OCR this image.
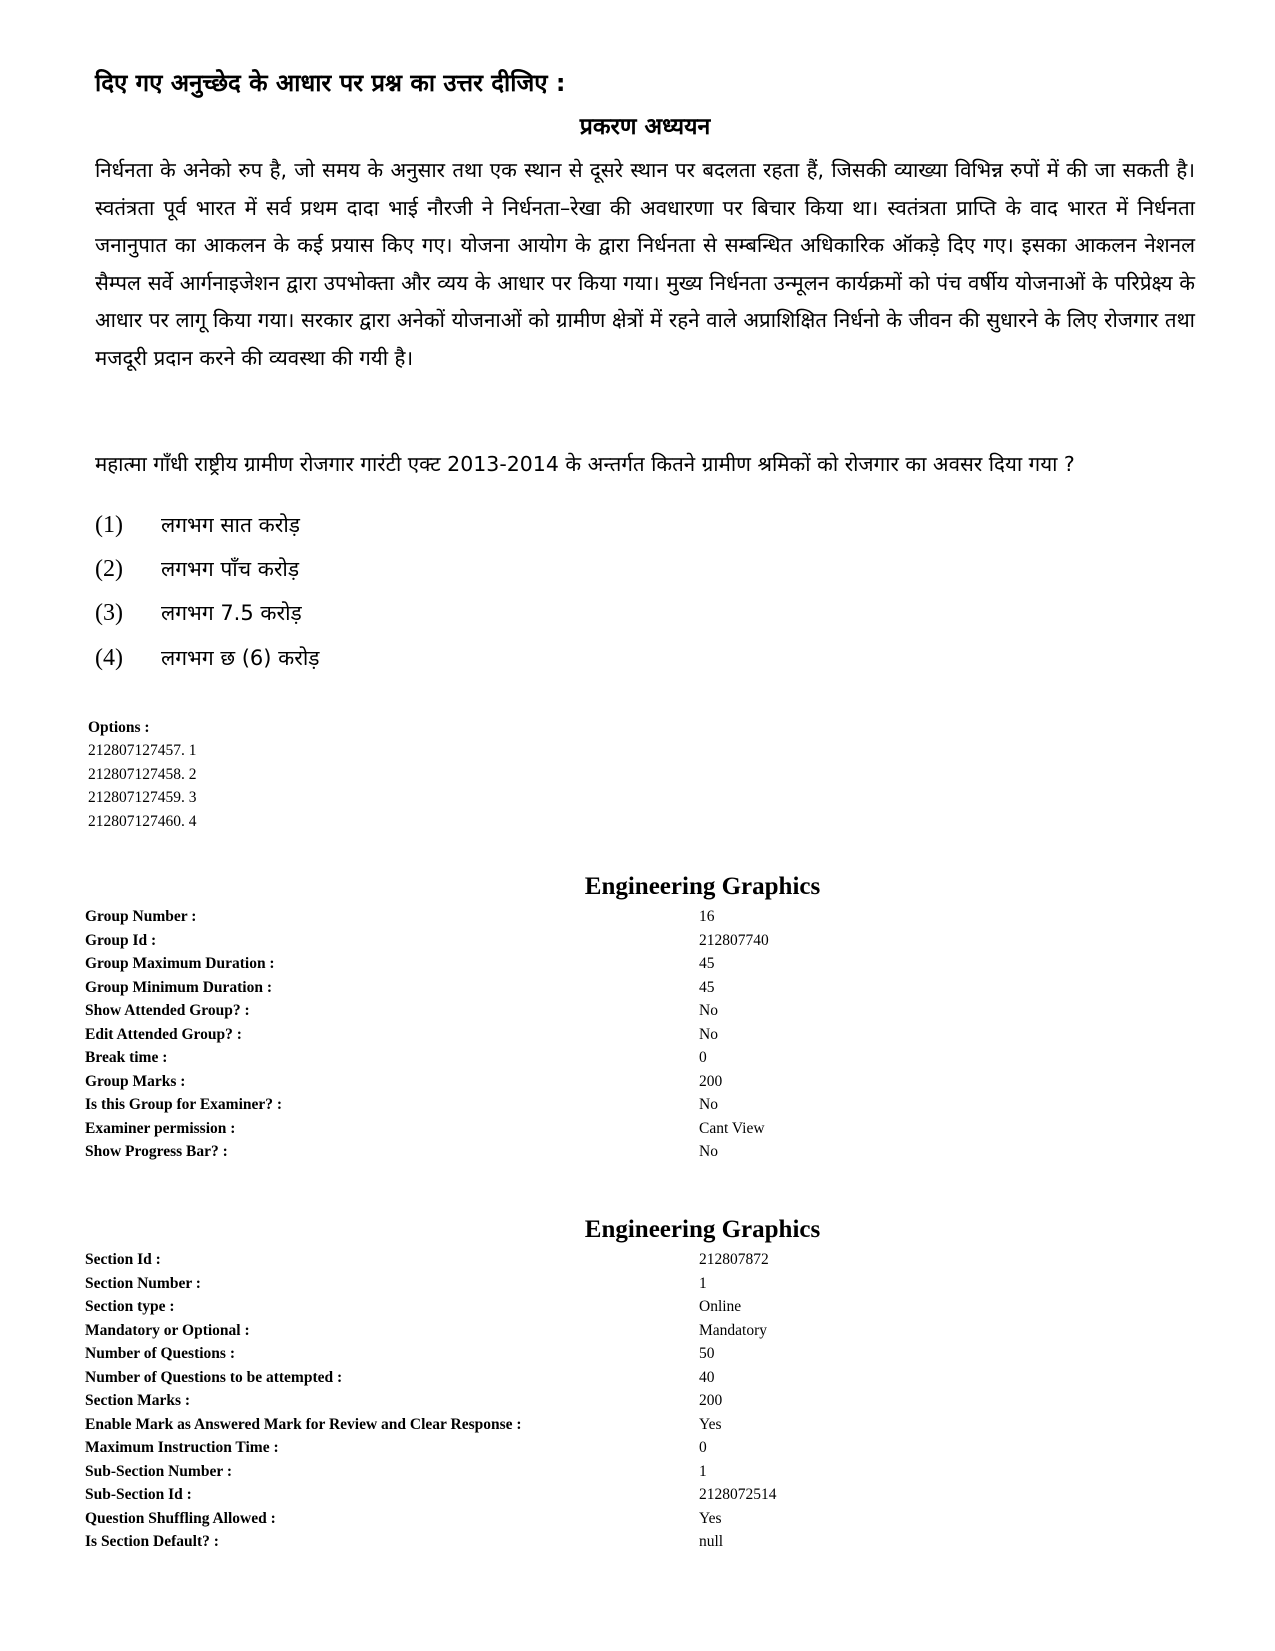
दिए गए अनुच्छेद के आधार पर प्रश्न का उत्तर दीजिए :
प्रकरण अध्ययन

निर्धनता के अनेको रुप है, जो समय के अनुसार तथा एक स्थान से दूसरे स्थान पर बदलता रहता हैं, जिसकी व्याख्या विभिन्न रुपों में की जा सकती है। स्वतंत्रता पूर्व भारत में सर्व प्रथम दादा भाई नौरजी ने निर्धनता–रेखा की अवधारणा पर बिचार किया था। स्वतंत्रता प्राप्ति के वाद भारत में निर्धनता जनानुपात का आकलन के कई प्रयास किए गए। योजना आयोग के द्वारा निर्धनता से सम्बन्धित अधिकारिक ऑकड़े दिए गए। इसका आकलन नेशनल सैम्पल सर्वे आर्गनाइजेशन द्वारा उपभोक्ता और व्यय के आधार पर किया गया। मुख्य निर्धनता उन्मूलन कार्यक्रमों को पंच वर्षीय योजनाओं के परिप्रेक्ष्य के आधार पर लागू किया गया। सरकार द्वारा अनेकों योजनाओं को ग्रामीण क्षेत्रों में रहने वाले अप्राशिक्षित निर्धनो के जीवन की सुधारने के लिए रोजगार तथा मजदूरी प्रदान करने की व्यवस्था की गयी है।

महात्मा गाँधी राष्ट्रीय ग्रामीण रोजगार गारंटी एक्ट 2013-2014 के अन्तर्गत कितने ग्रामीण श्रमिकों को रोजगार का अवसर दिया गया ?

(1) लगभग सात करोड़
(2) लगभग पाँच करोड़
(3) लगभग 7.5 करोड़
(4) लगभग छ (6) करोड़
Options :
212807127457. 1
212807127458. 2
212807127459. 3
212807127460. 4
Engineering Graphics
Group Number :	16
Group Id :	212807740
Group Maximum Duration :	45
Group Minimum Duration :	45
Show Attended Group? :	No
Edit Attended Group? :	No
Break time :	0
Group Marks :	200
Is this Group for Examiner? :	No
Examiner permission :	Cant View
Show Progress Bar? :	No
Engineering Graphics
Section Id :	212807872
Section Number :	1
Section type :	Online
Mandatory or Optional :	Mandatory
Number of Questions :	50
Number of Questions to be attempted :	40
Section Marks :	200
Enable Mark as Answered Mark for Review and Clear Response :	Yes
Maximum Instruction Time :	0
Sub-Section Number :	1
Sub-Section Id :	2128072514
Question Shuffling Allowed :	Yes
Is Section Default? :	null
